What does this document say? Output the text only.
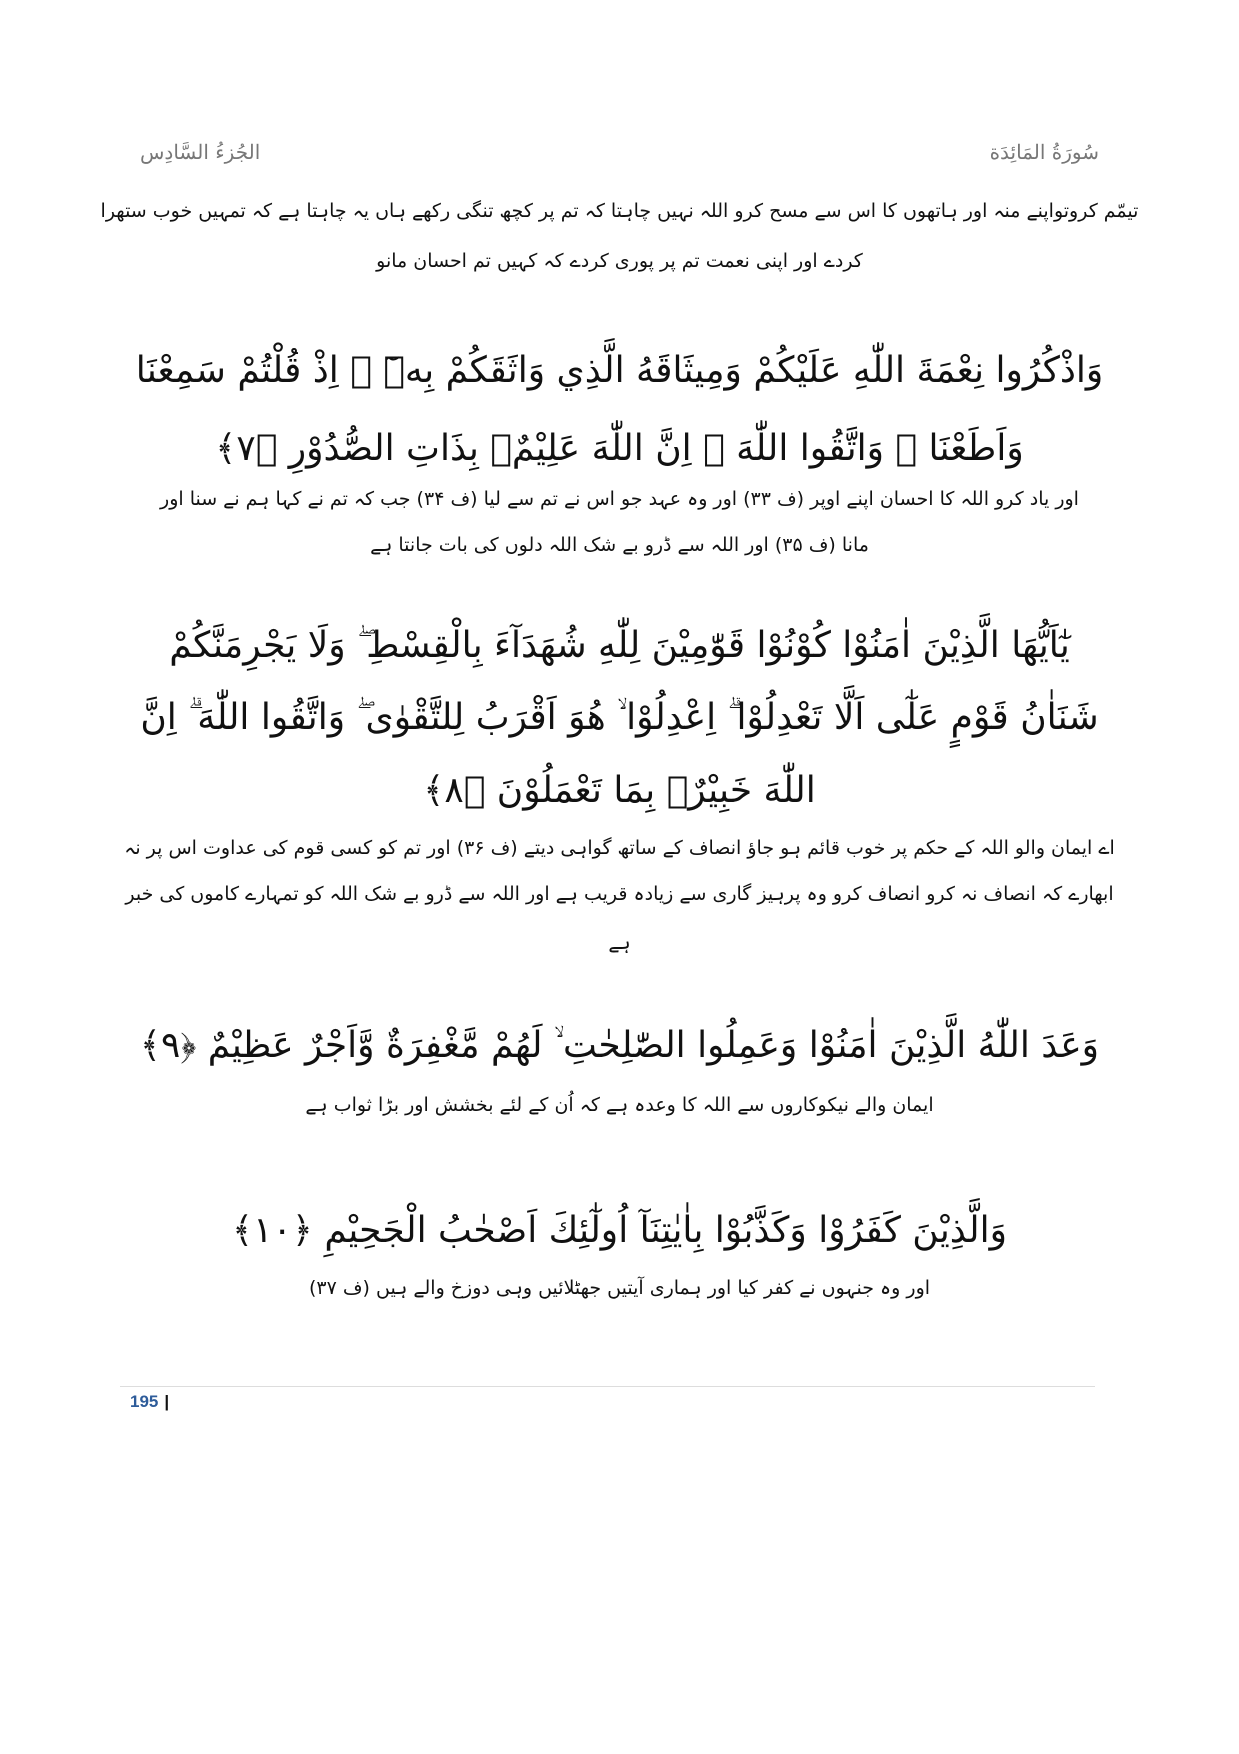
سُورَةُ المَائِدَة
الجُزءُ السَّادِس
تیمّم کروتواپنے منہ اور ہاتھوں کا اس سے مسح کرو اللہ نہیں چاہتا کہ تم پر کچھ تنگی رکھے ہاں یہ چاہتا ہے کہ تمہیں خوب ستھرا
کردے اور اپنی نعمت تم پر پوری کردے کہ کہیں تم احسان مانو
وَاذْكُرُوا نِعْمَةَ اللّٰهِ عَلَيْكُمْ وَمِيثَاقَهُ الَّذِي وَاثَقَكُمْ بِهٖٓ ۙ اِذْ قُلْتُمْ سَمِعْنَا
وَاَطَعْنَا ۖ وَاتَّقُوا اللّٰهَ ۗ اِنَّ اللّٰهَ عَلِيْمٌۢ بِذَاتِ الصُّدُوْرِ ﴿٧﴾
اور یاد کرو اللہ کا احسان اپنے اوپر (ف ۳۳) اور وہ عہد جو اس نے تم سے لیا (ف ۳۴) جب کہ تم نے کہا ہم نے سنا اور
مانا (ف ۳۵) اور اللہ سے ڈرو بے شک اللہ دلوں کی بات جانتا ہے
يٰٓاَيُّهَا الَّذِيْنَ اٰمَنُوْا كُوْنُوْا قَوّٰمِيْنَ لِلّٰهِ شُهَدَآءَ بِالْقِسْطِ ۖ وَلَا يَجْرِمَنَّكُمْ
شَنَاٰنُ قَوْمٍ عَلٰٓى اَلَّا تَعْدِلُوْا ۗ اِعْدِلُوْا ۙ هُوَ اَقْرَبُ لِلتَّقْوٰى ۖ وَاتَّقُوا اللّٰهَ ۗ اِنَّ
اللّٰهَ خَبِيْرٌۢ بِمَا تَعْمَلُوْنَ ﴿٨﴾
اے ایمان والو اللہ کے حکم پر خوب قائم ہو جاؤ انصاف کے ساتھ گواہی دیتے (ف ۳۶) اور تم کو کسی قوم کی عداوت اس پر نہ
ابھارے کہ انصاف نہ کرو انصاف کرو وہ پرہیز گاری سے زیادہ قریب ہے اور اللہ سے ڈرو بے شک اللہ کو تمہارے کاموں کی خبر
ہے
وَعَدَ اللّٰهُ الَّذِيْنَ اٰمَنُوْا وَعَمِلُوا الصّٰلِحٰتِ ۙ لَهُمْ مَّغْفِرَةٌ وَّاَجْرٌ عَظِيْمٌ ﴿٩﴾
ایمان والے نیکوکاروں سے اللہ کا وعدہ ہے کہ اُن کے لئے بخشش اور بڑا ثواب ہے
وَالَّذِيْنَ كَفَرُوْا وَكَذَّبُوْا بِاٰيٰتِنَآ اُولٰٓئِكَ اَصْحٰبُ الْجَحِيْمِ ﴿١٠﴾
اور وہ جنہوں نے کفر کیا اور ہماری آیتیں جھٹلائیں وہی دوزخ والے ہیں (ف ۳۷)
195 |
